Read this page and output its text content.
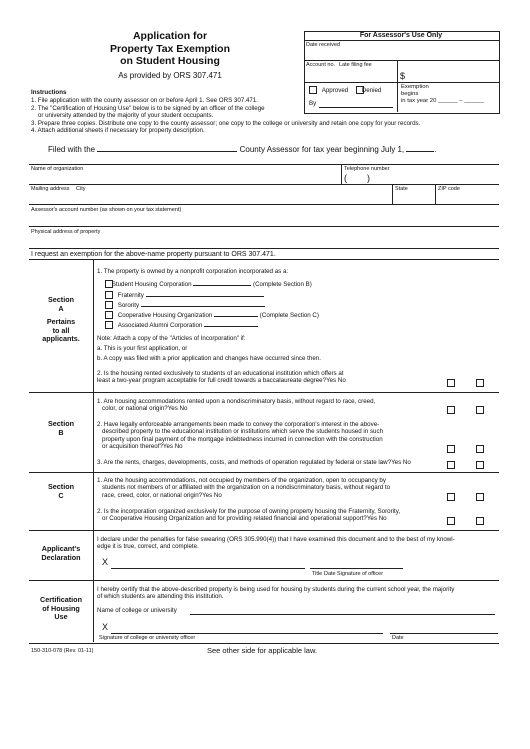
Application for
Property Tax Exemption
on Student Housing
As provided by ORS 307.471
For Assessor's Use Only
Date received
Account no. Late filing fee
$
Approved	Denied
By
Exemption
begins
in tax year 20 ______ – ______
Instructions
1. File application with the county assessor on or before April 1. See ORS 307.471.
2. The "Certification of Housing Use" below is to be signed by an officer of the college
or university attended by the majority of your student occupants.
3. Prepare three copies. Distribute one copy to the county assessor; one copy to the college or university and retain one copy for your records.
4. Attach additional sheets if necessary for property description.
Filed with the	County Assessor for tax year beginning July 1,	.
Name of organization	Telephone number
(        )
Mailing address City	State	ZIP code
Assessor's account number (as shown on your tax statement)
Physical address of property
I request an exemption for the above-name property pursuant to ORS 307.471.
Section
A
Pertains
to all
applicants.
1. The property is owned by a nonprofit corporation incorporated as a:
Student Housing Corporation	(Complete Section B)
Fraternity
Sorority
Cooperative Housing Organization	(Complete Section C)
Associated Alumni Corporation
Note: Attach a copy of the "Articles of Incorporation" if:
a. This is your first application, or
b. A copy was filed with a prior application and changes have occurred since then.
2. Is the housing rented exclusively to students of an educational institution which offers at
least a two-year program acceptable for full credit towards a baccalaureate degree?Yes No
Section
B
1. Are housing accommodations rented upon a nondiscriminatory basis, without regard to race, creed,
color, or national origin?Yes No
2. Have legally enforceable arrangements been made to convey the corporation's interest in the above-
described property to the educational institution or institutions which serve the students housed in such
property upon final payment of the mortgage indebtedness incurred in connection with the construction
or acquisition thereof?Yes No
3. Are the rents, charges, developments, costs, and methods of operation regulated by federal or state law?Yes No
Section
C
1. Are the housing accommodations, not occupied by members of the organization, open to occupancy by
students not members of or affiliated with the organization on a nondiscriminatory basis, without regard to
race, creed, color, or national origin?Yes No
2. Is the incorporation organized exclusively for the purpose of owning property housing the Fraternity, Sorority,
or Cooperative Housing Organization and for providing related financial and operational support?Yes No
Applicant's
Declaration
I declare under the penalties for false swearing (ORS 305.990(4)) that I have examined this document and to the best of my knowl-
edge it is true, correct, and complete.
X
Title Date Signature of officer
Certification
of Housing
Use
I hereby certify that the above-described property is being used for housing by students during the current school year, the majority
of which students are attending this institution.
Name of college or university
X
Signature of college or university officer	Date
150-310-078 (Rev. 01-11)	See other side for applicable law.
